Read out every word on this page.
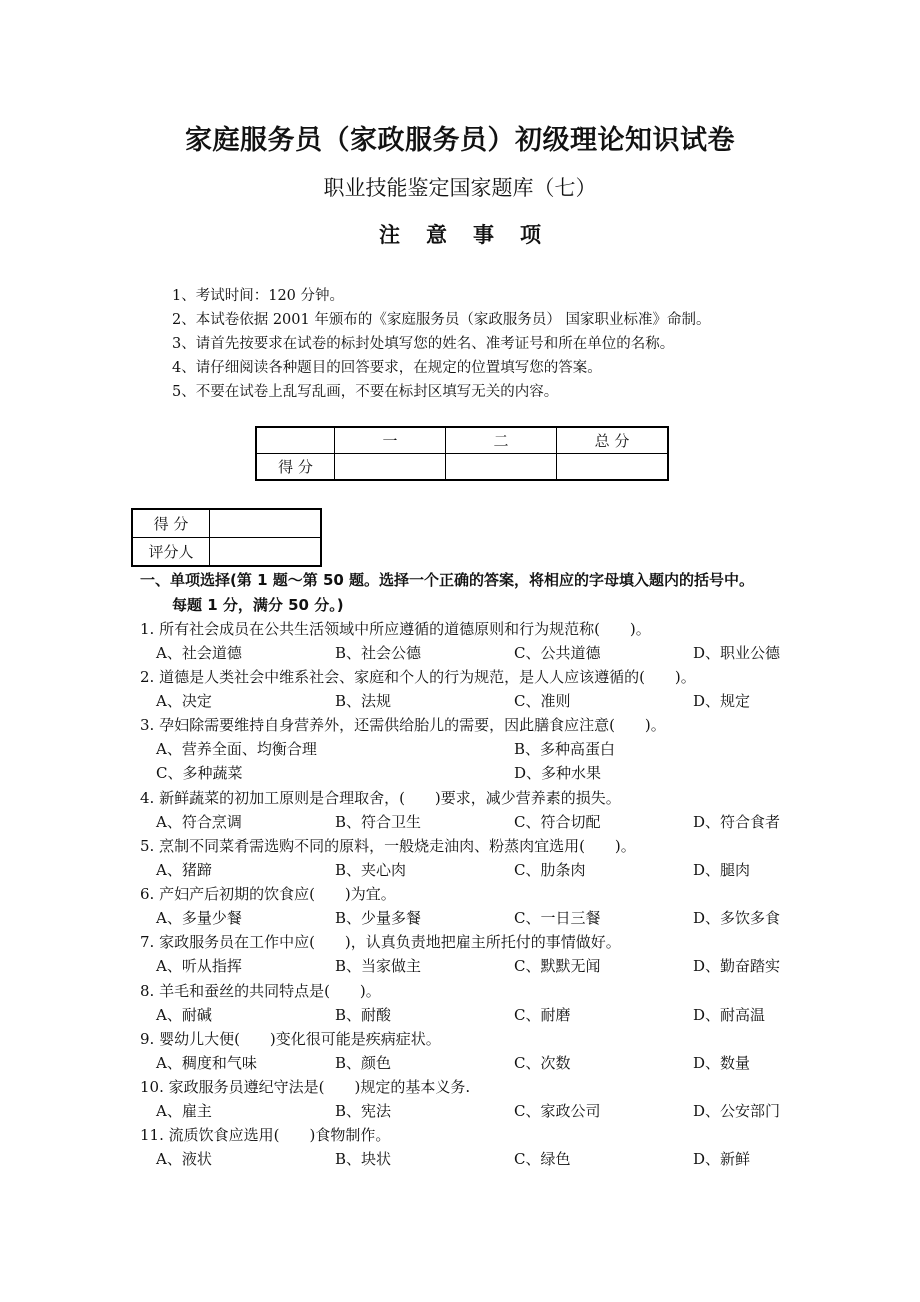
家庭服务员（家政服务员）初级理论知识试卷
职业技能鉴定国家题库（七）
注意事项
1、考试时间：120 分钟。
2、本试卷依据 2001 年颁布的《家庭服务员（家政服务员） 国家职业标准》命制。
3、请首先按要求在试卷的标封处填写您的姓名、准考证号和所在单位的名称。
4、请仔细阅读各种题目的回答要求，在规定的位置填写您的答案。
5、不要在试卷上乱写乱画，不要在标封区填写无关的内容。
	一	二	总 分
得 分			
得 分	
评分人	
一、单项选择(第 1 题～第 50 题。选择一个正确的答案，将相应的字母填入题内的括号中。
每题 1 分，满分 50 分。)
1. 所有社会成员在公共生活领域中所应遵循的道德原则和行为规范称(　　)。
A、社会道德	B、社会公德	C、公共道德	D、职业公德
2. 道德是人类社会中维系社会、家庭和个人的行为规范，是人人应该遵循的(　　)。
A、决定	B、法规	C、准则	D、规定
3. 孕妇除需要维持自身营养外，还需供给胎儿的需要，因此膳食应注意(　　)。
A、营养全面、均衡合理	B、多种高蛋白
C、多种蔬菜	D、多种水果
4. 新鲜蔬菜的初加工原则是合理取舍，(　　)要求，减少营养素的损失。
A、符合烹调	B、符合卫生	C、符合切配	D、符合食者
5. 烹制不同菜肴需选购不同的原料，一般烧走油肉、粉蒸肉宜选用(　　)。
A、猪蹄	B、夹心肉	C、肋条肉	D、腿肉
6. 产妇产后初期的饮食应(　　)为宜。
A、多量少餐	B、少量多餐	C、一日三餐	D、多饮多食
7. 家政服务员在工作中应(　　)，认真负责地把雇主所托付的事情做好。
A、听从指挥	B、当家做主	C、默默无闻	D、勤奋踏实
8. 羊毛和蚕丝的共同特点是(　　)。
A、耐碱	B、耐酸	C、耐磨	D、耐高温
9. 婴幼儿大便(　　)变化很可能是疾病症状。
A、稠度和气味	B、颜色	C、次数	D、数量
10. 家政服务员遵纪守法是(　　)规定的基本义务.
A、雇主	B、宪法	C、家政公司	D、公安部门
11. 流质饮食应选用(　　)食物制作。
A、液状	B、块状	C、绿色	D、新鲜
